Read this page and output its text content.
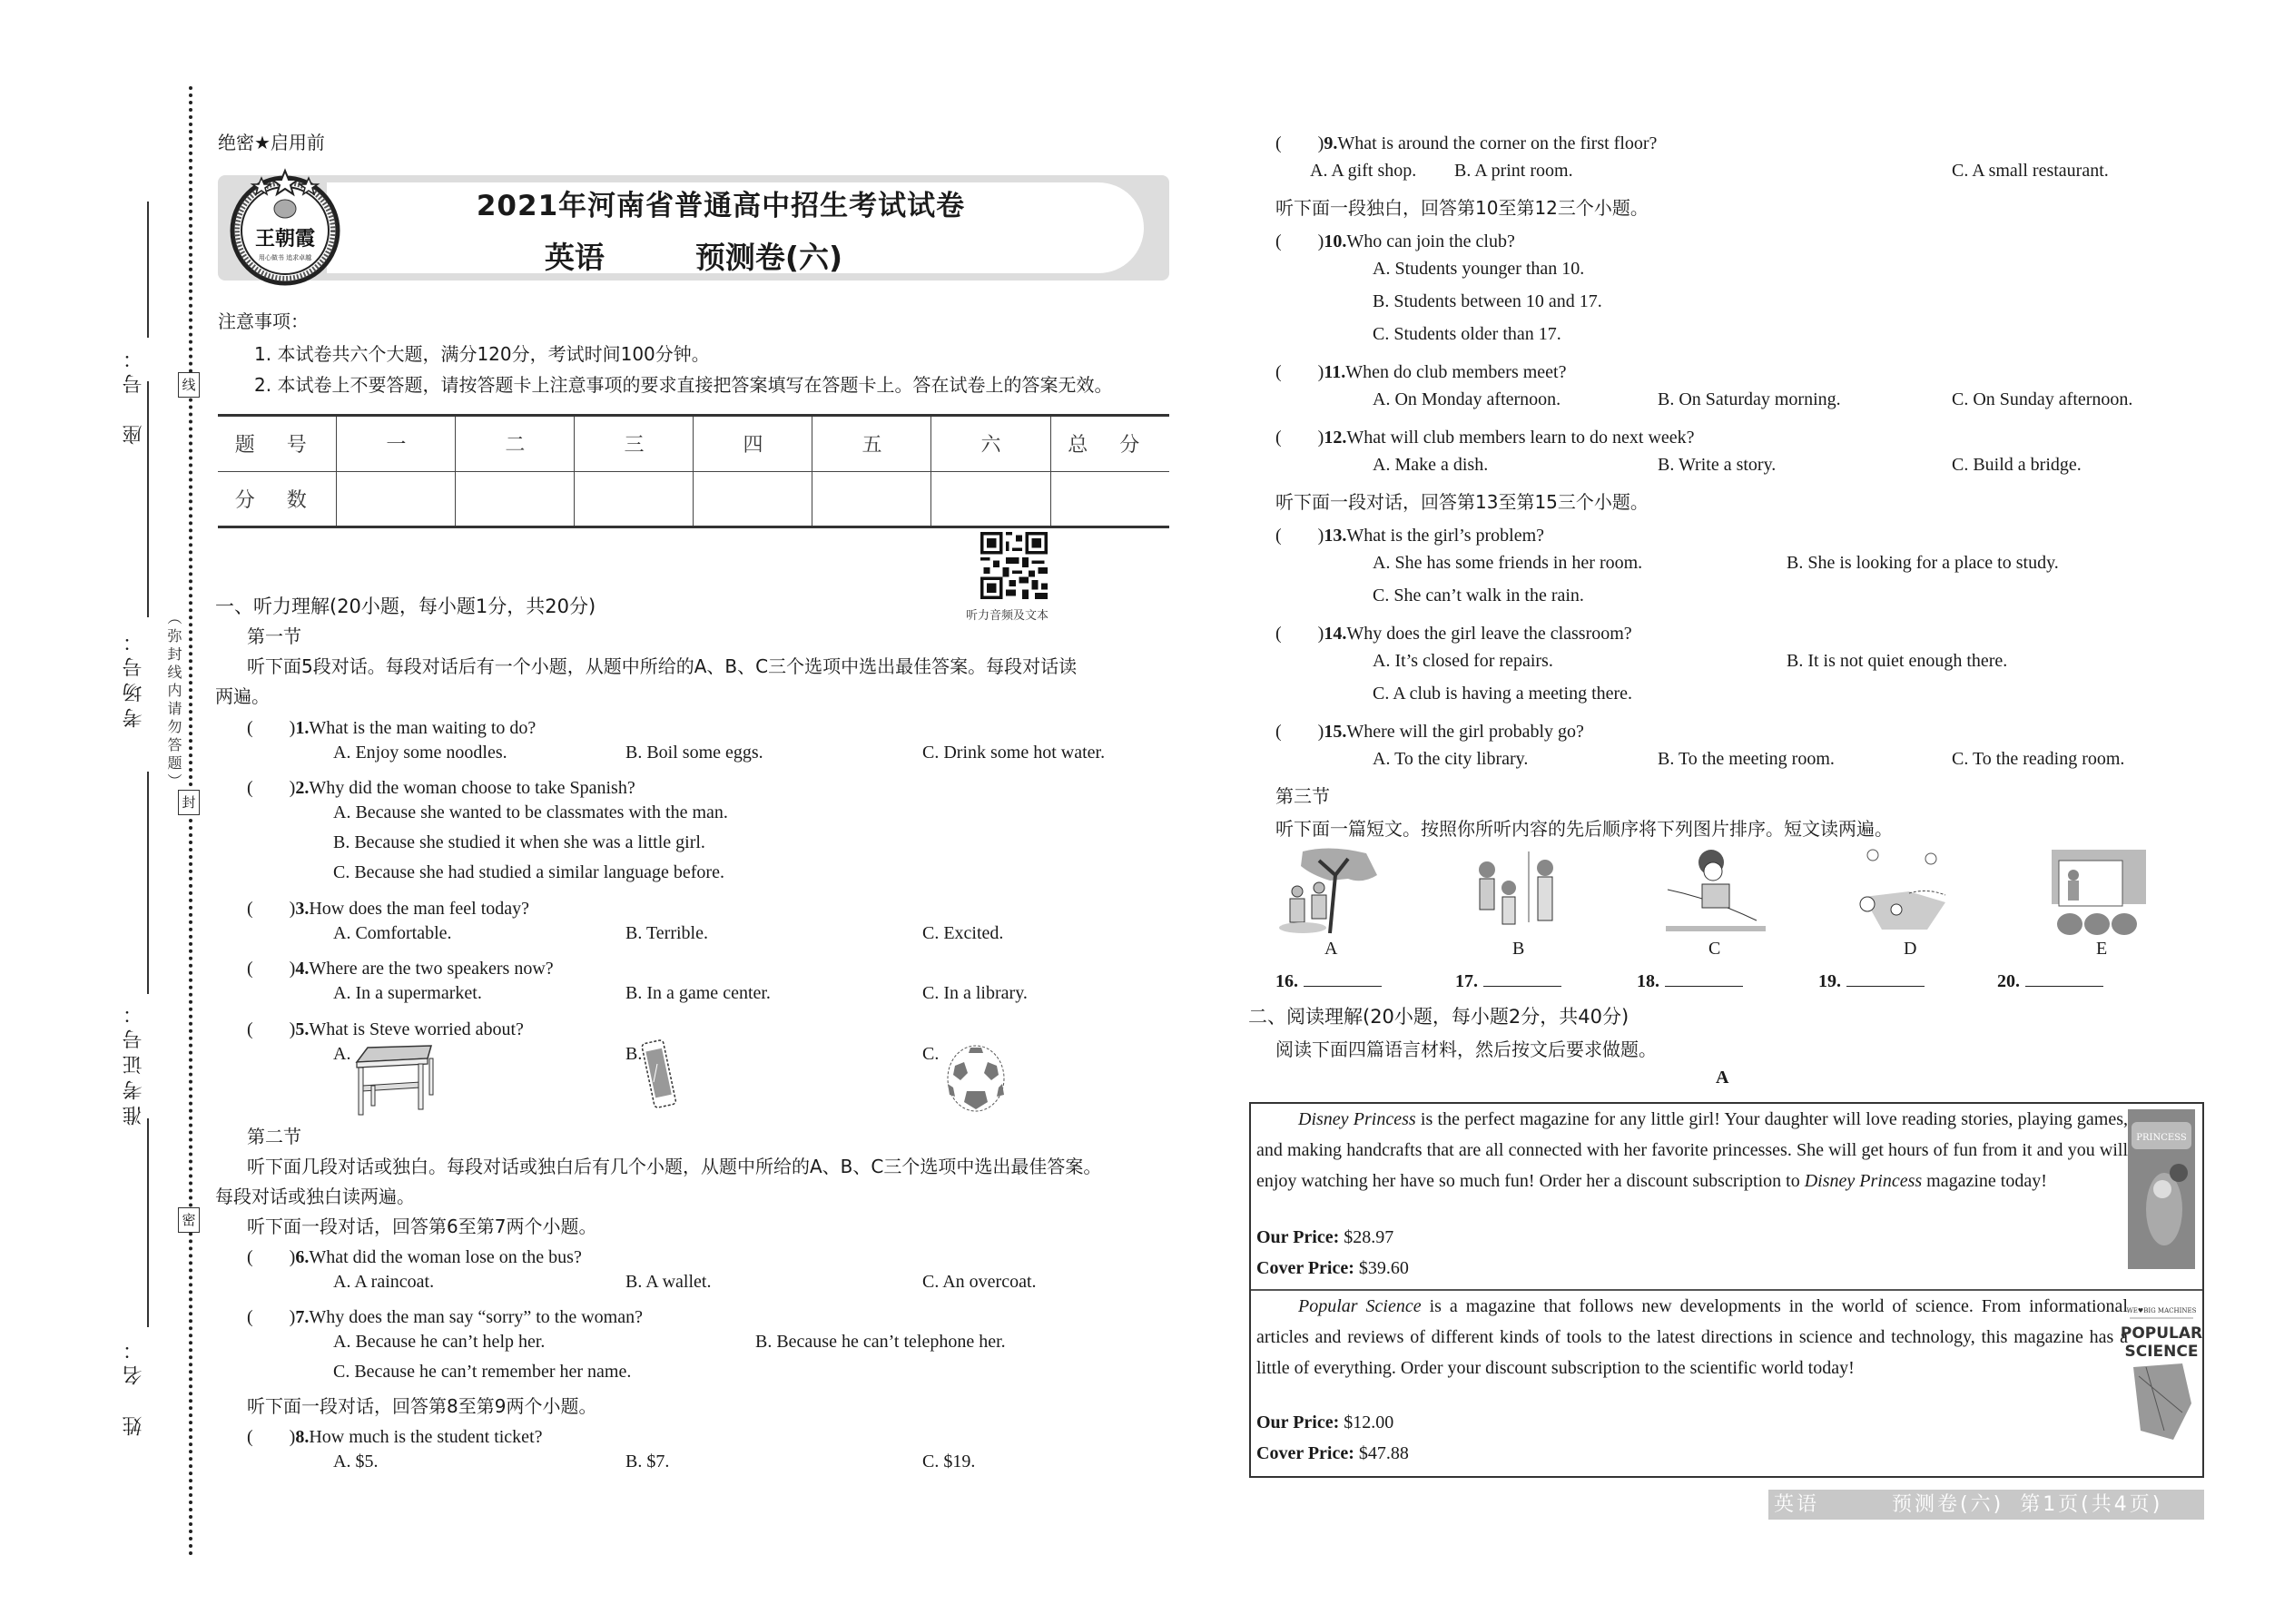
线
封
密
（弥封线内请勿答题）
座　号：
考场号：
准考证号：
姓　名：
绝密★启用前
王朝霞
用心做书 追求卓越
2021年河南省普通高中招生考试试卷
英语	预测卷(六)
注意事项：
1. 本试卷共六个大题，满分120分，考试时间100分钟。
2. 本试卷上不要答题，请按答题卡上注意事项的要求直接把答案填写在答题卡上。答在试卷上的答案无效。
题 号	一	二	三	四	五	六	总 分
分 数							
听力音频及文本
一、听力理解(20小题，每小题1分，共20分)
第一节
听下面5段对话。每段对话后有一个小题，从题中所给的A、B、C三个选项中选出最佳答案。每段对话读
两遍。
(　　)1.What is the man waiting to do?
A. Enjoy some noodles.	B. Boil some eggs.	C. Drink some hot water.
(　　)2.Why did the woman choose to take Spanish?
A. Because she wanted to be classmates with the man.
B. Because she studied it when she was a little girl.
C. Because she had studied a similar language before.
(　　)3.How does the man feel today?
A. Comfortable.	B. Terrible.	C. Excited.
(　　)4.Where are the two speakers now?
A. In a supermarket.	B. In a game center.	C. In a library.
(　　)5.What is Steve worried about?
A.	B.	C.
第二节
听下面几段对话或独白。每段对话或独白后有几个小题，从题中所给的A、B、C三个选项中选出最佳答案。
每段对话或独白读两遍。
听下面一段对话，回答第6至第7两个小题。
(　　)6.What did the woman lose on the bus?
A. A raincoat.	B. A wallet.	C. An overcoat.
(　　)7.Why does the man say “sorry” to the woman?
A. Because he can’t help her.	B. Because he can’t telephone her.
C. Because he can’t remember her name.
听下面一段对话，回答第8至第9两个小题。
(　　)8.How much is the student ticket?
A. $5.	B. $7.	C. $19.
(　　)9.What is around the corner on the first floor?
A. A gift shop. B. A print room.	C. A small restaurant.
听下面一段独白，回答第10至第12三个小题。
(　　)10.Who can join the club?
A. Students younger than 10.
B. Students between 10 and 17.
C. Students older than 17.
(　　)11.When do club members meet?
A. On Monday afternoon.	B. On Saturday morning.	C. On Sunday afternoon.
(　　)12.What will club members learn to do next week?
A. Make a dish.	B. Write a story.	C. Build a bridge.
听下面一段对话，回答第13至第15三个小题。
(　　)13.What is the girl’s problem?
A. She has some friends in her room.	B. She is looking for a place to study.
C. She can’t walk in the rain.
(　　)14.Why does the girl leave the classroom?
A. It’s closed for repairs.	B. It is not quiet enough there.
C. A club is having a meeting there.
(　　)15.Where will the girl probably go?
A. To the city library.	B. To the meeting room.	C. To the reading room.
第三节
听下面一篇短文。按照你所听内容的先后顺序将下列图片排序。短文读两遍。
A	B	C	D	E
16.	17.	18.	19.	20.
二、阅读理解(20小题，每小题2分，共40分)
阅读下面四篇语言材料，然后按文后要求做题。
A
Disney Princess is the perfect magazine for any little girl! Your daughter will love reading stories, playing games, and making handcrafts that are all connected with her favorite princesses. She will get hours of fun from it and you will enjoy watching her have so much fun! Order her a discount subscription to Disney Princess magazine today!
Our Price: $28.97
Cover Price: $39.60
PRINCESS
Popular Science is a magazine that follows new developments in the world of science. From informational articles and reviews of different kinds of tools to the latest directions in science and technology, this magazine has a little of everything. Order your discount subscription to the scientific world today!
Our Price: $12.00
Cover Price: $47.88
WE♥BIG MACHINES
POPULAR
SCIENCE
英语	预测卷(六) 第1页(共4页)
